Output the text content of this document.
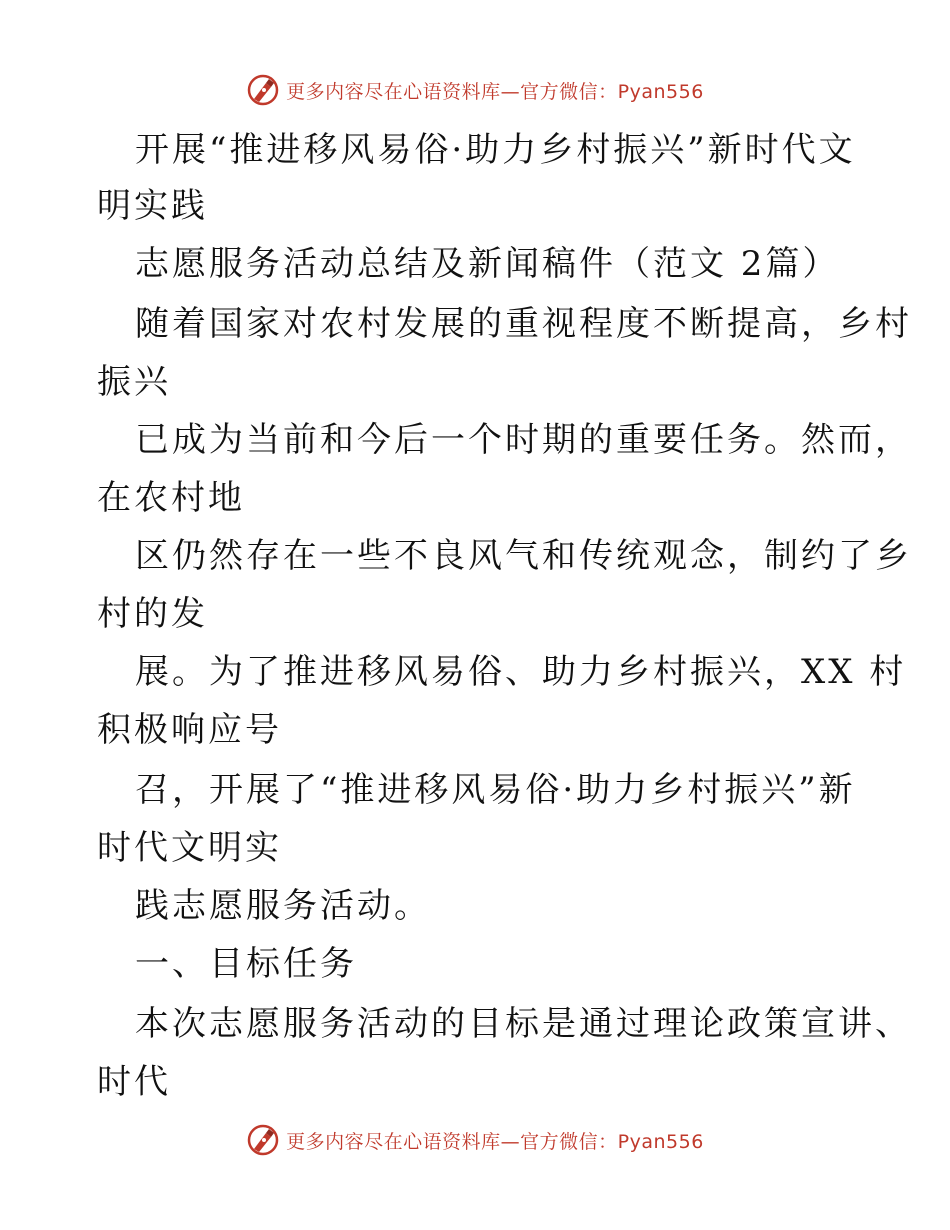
更多内容尽在心语资料库—官方微信：Pyan556
开展“推进移风易俗·助力乡村振兴”新时代文
明实践
志愿服务活动总结及新闻稿件（范文 2篇）
随着国家对农村发展的重视程度不断提高，乡村
振兴
已成为当前和今后一个时期的重要任务。然而，
在农村地
区仍然存在一些不良风气和传统观念，制约了乡
村的发
展。为了推进移风易俗、助力乡村振兴，XX 村
积极响应号
召，开展了“推进移风易俗·助力乡村振兴”新
时代文明实
践志愿服务活动。
一、目标任务
本次志愿服务活动的目标是通过理论政策宣讲、
时代
更多内容尽在心语资料库—官方微信：Pyan556
